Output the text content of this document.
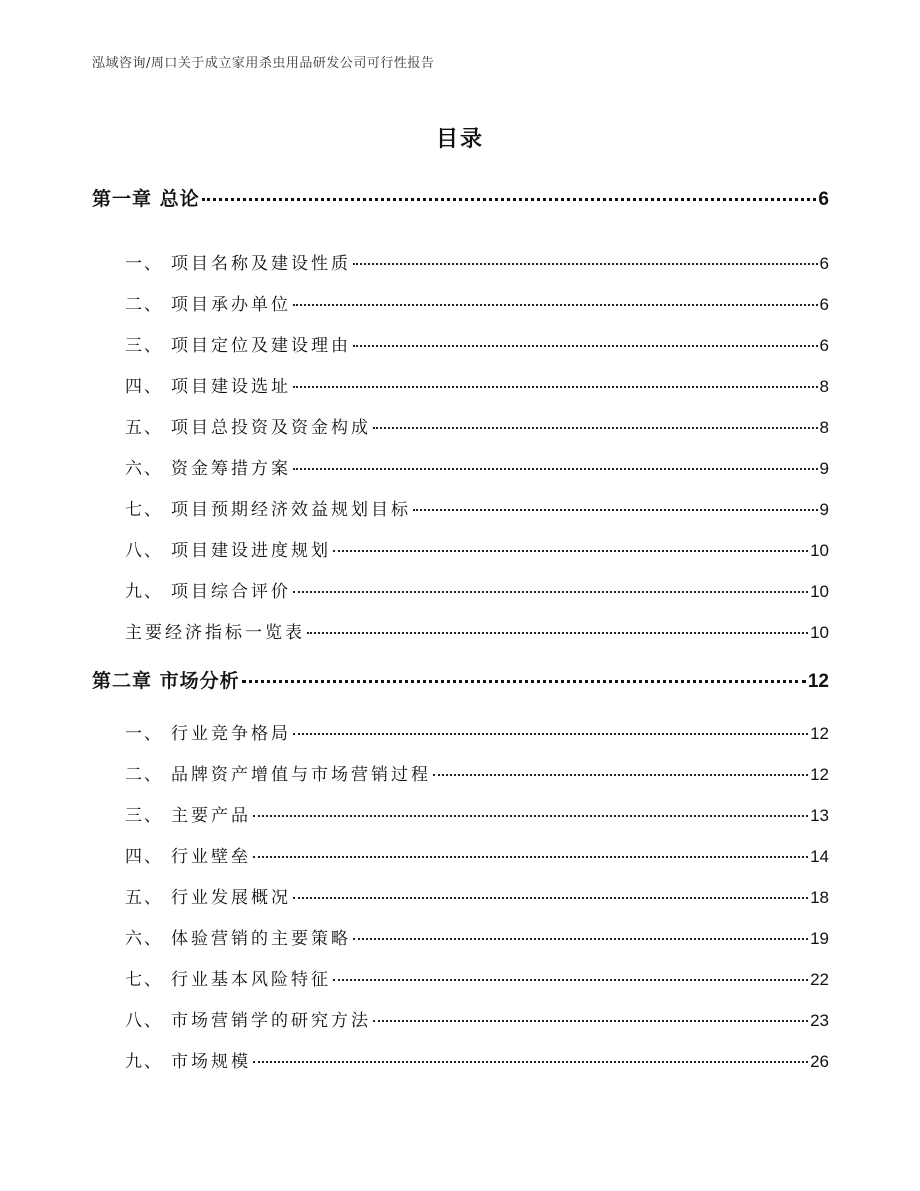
泓域咨询/周口关于成立家用杀虫用品研发公司可行性报告
目录
第一章 总论	6
一、 项目名称及建设性质	6
二、 项目承办单位	6
三、 项目定位及建设理由	6
四、 项目建设选址	8
五、 项目总投资及资金构成	8
六、 资金筹措方案	9
七、 项目预期经济效益规划目标	9
八、 项目建设进度规划	10
九、 项目综合评价	10
主要经济指标一览表	10
第二章 市场分析	12
一、 行业竞争格局	12
二、 品牌资产增值与市场营销过程	12
三、 主要产品	13
四、 行业壁垒	14
五、 行业发展概况	18
六、 体验营销的主要策略	19
七、 行业基本风险特征	22
八、 市场营销学的研究方法	23
九、 市场规模	26
